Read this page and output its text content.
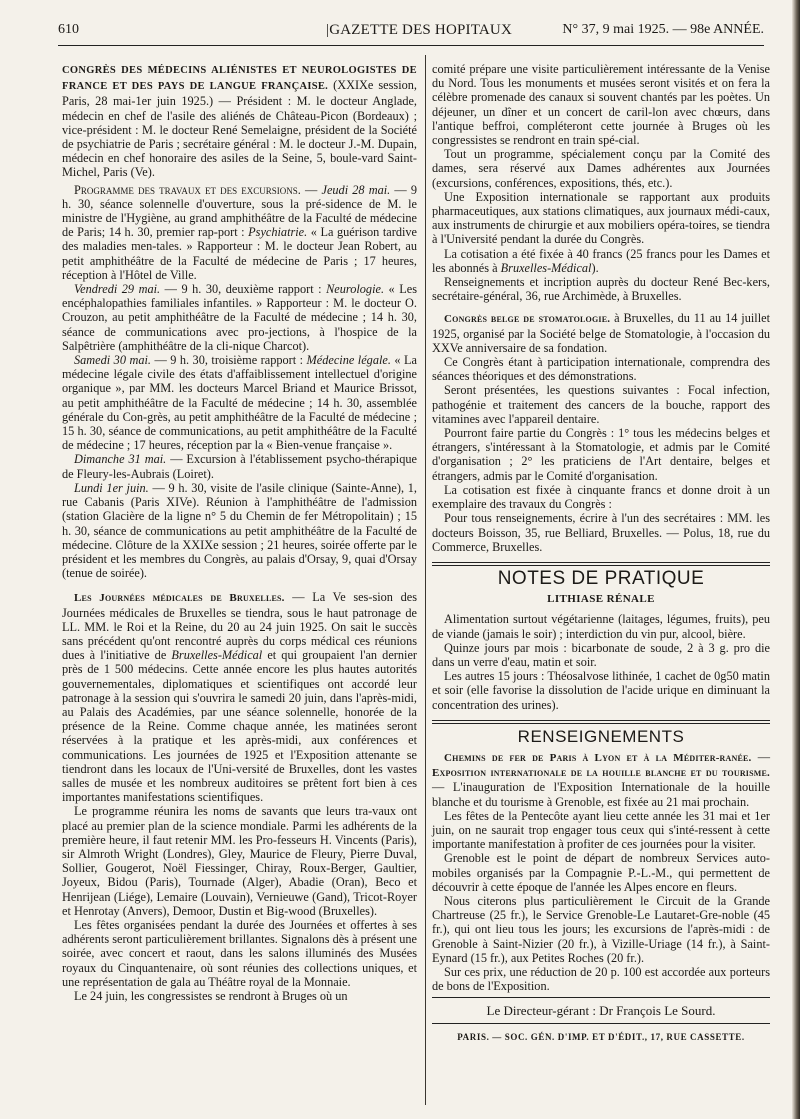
610	|GAZETTE DES HOPITAUX	N° 37, 9 mai 1925. — 98e ANNÉE.

CONGRÈS DES MÉDECINS ALIÉNISTES ET NEUROLOGISTES DE FRANCE ET DES PAYS DE LANGUE FRANÇAISE. (XXIXe session, Paris, 28 mai-1er juin 1925.) — Président : M. le docteur Anglade, médecin en chef de l'asile des aliénés de Château-Picon (Bordeaux) ; vice-président : M. le docteur René Semelaigne, président de la Société de psychiatrie de Paris ; secrétaire général : M. le docteur J.-M. Dupain, médecin en chef honoraire des asiles de la Seine, 5, boule-vard Saint-Michel, Paris (Ve).

Programme des travaux et des excursions. — Jeudi 28 mai. — 9 h. 30, séance solennelle d'ouverture, sous la pré-sidence de M. le ministre de l'Hygiène, au grand amphithéâtre de la Faculté de médecine de Paris; 14 h. 30, premier rap-port : Psychiatrie. « La guérison tardive des maladies men-tales. » Rapporteur : M. le docteur Jean Robert, au petit amphithéâtre de la Faculté de médecine de Paris ; 17 heures, réception à l'Hôtel de Ville.

Vendredi 29 mai. — 9 h. 30, deuxième rapport : Neurologie. « Les encéphalopathies familiales infantiles. » Rapporteur : M. le docteur O. Crouzon, au petit amphithéâtre de la Faculté de médecine ; 14 h. 30, séance de communications avec pro-jections, à l'hospice de la Salpêtrière (amphithéâtre de la cli-nique Charcot).

Samedi 30 mai. — 9 h. 30, troisième rapport : Médecine légale. « La médecine légale civile des états d'affaiblissement intellectuel d'origine organique », par MM. les docteurs Marcel Briand et Maurice Brissot, au petit amphithéâtre de la Faculté de médecine ; 14 h. 30, assemblée générale du Con-grès, au petit amphithéâtre de la Faculté de médecine ; 15 h. 30, séance de communications, au petit amphithéâtre de la Faculté de médecine ; 17 heures, réception par la « Bien-venue française ».

Dimanche 31 mai. — Excursion à l'établissement psycho-thérapique de Fleury-les-Aubrais (Loiret).

Lundi 1er juin. — 9 h. 30, visite de l'asile clinique (Sainte-Anne), 1, rue Cabanis (Paris XIVe). Réunion à l'amphithéâtre de l'admission (station Glacière de la ligne n° 5 du Chemin de fer Métropolitain) ; 15 h. 30, séance de communications au petit amphithéâtre de la Faculté de médecine. Clôture de la XXIXe session ; 21 heures, soirée offerte par le président et les membres du Congrès, au palais d'Orsay, 9, quai d'Orsay (tenue de soirée).

Les Journées médicales de Bruxelles. — La Ve ses-sion des Journées médicales de Bruxelles se tiendra, sous le haut patronage de LL. MM. le Roi et la Reine, du 20 au 24 juin 1925. On sait le succès sans précédent qu'ont rencontré auprès du corps médical ces réunions dues à l'initiative de Bruxelles-Médical et qui groupaient l'an dernier près de 1 500 médecins. Cette année encore les plus hautes autorités gouvernementales, diplomatiques et scientifiques ont accordé leur patronage à la session qui s'ouvrira le samedi 20 juin, dans l'après-midi, au Palais des Académies, par une séance solennelle, honorée de la présence de la Reine. Comme chaque année, les matinées seront réservées à la pratique et les après-midi, aux conférences et communications. Les journées de 1925 et l'Exposition attenante se tiendront dans les locaux de l'Uni-versité de Bruxelles, dont les vastes salles de musée et les nombreux auditoires se prêtent fort bien à ces importantes manifestations scientifiques.

Le programme réunira les noms de savants que leurs tra-vaux ont placé au premier plan de la science mondiale. Parmi les adhérents de la première heure, il faut retenir MM. les Pro-fesseurs H. Vincents (Paris), sir Almroth Wright (Londres), Gley, Maurice de Fleury, Pierre Duval, Sollier, Gougerot, Noël Fiessinger, Chiray, Roux-Berger, Gaultier, Joyeux, Bidou (Paris), Tournade (Alger), Abadie (Oran), Beco et Henrijean (Liége), Lemaire (Louvain), Vernieuwe (Gand), Tricot-Royer et Henrotay (Anvers), Demoor, Dustin et Big-wood (Bruxelles).

Les fêtes organisées pendant la durée des Journées et offertes à ses adhérents seront particulièrement brillantes. Signalons dès à présent une soirée, avec concert et raout, dans les salons illuminés des Musées royaux du Cinquantenaire, où sont réunies des collections uniques, et une représentation de gala au Théâtre royal de la Monnaie.

Le 24 juin, les congressistes se rendront à Bruges où un

comité prépare une visite particulièrement intéressante de la Venise du Nord. Tous les monuments et musées seront visités et on fera la célèbre promenade des canaux si souvent chantés par les poètes. Un déjeuner, un dîner et un concert de caril-lon avec chœurs, dans l'antique beffroi, compléteront cette journée à Bruges où les congressistes se rendront en train spé-cial.

Tout un programme, spécialement conçu par la Comité des dames, sera réservé aux Dames adhérentes aux Journées (excursions, conférences, expositions, thés, etc.).

Une Exposition internationale se rapportant aux produits pharmaceutiques, aux stations climatiques, aux journaux médi-caux, aux instruments de chirurgie et aux mobiliers opéra-toires, se tiendra à l'Université pendant la durée du Congrès.

La cotisation a été fixée à 40 francs (25 francs pour les Dames et les abonnés à Bruxelles-Médical).

Renseignements et incription auprès du docteur René Bec-kers, secrétaire-général, 36, rue Archimède, à Bruxelles.

Congrès belge de stomatologie. à Bruxelles, du 11 au 14 juillet 1925, organisé par la Société belge de Stomatologie, à l'occasion du XXVe anniversaire de sa fondation.

Ce Congrès étant à participation internationale, comprendra des séances théoriques et des démonstrations.

Seront présentées, les questions suivantes : Focal infection, pathogénie et traitement des cancers de la bouche, rapport des vitamines avec l'appareil dentaire.

Pourront faire partie du Congrès : 1° tous les médecins belges et étrangers, s'intéressant à la Stomatologie, et admis par le Comité d'organisation ; 2° les praticiens de l'Art dentaire, belges et étrangers, admis par le Comité d'organisation.

La cotisation est fixée à cinquante francs et donne droit à un exemplaire des travaux du Congrès :

Pour tous renseignements, écrire à l'un des secrétaires : MM. les docteurs Boisson, 35, rue Belliard, Bruxelles. — Polus, 18, rue du Commerce, Bruxelles.

NOTES DE PRATIQUE
LITHIASE RÉNALE

Alimentation surtout végétarienne (laitages, légumes, fruits), peu de viande (jamais le soir) ; interdiction du vin pur, alcool, bière.

Quinze jours par mois : bicarbonate de soude, 2 à 3 g. pro die dans un verre d'eau, matin et soir.

Les autres 15 jours : Théosalvose lithinée, 1 cachet de 0g50 matin et soir (elle favorise la dissolution de l'acide urique en diminuant la concentration des urines).

RENSEIGNEMENTS

Chemins de fer de Paris à Lyon et à la Méditer-ranée. — Exposition internationale de la houille blanche et du tourisme. — L'inauguration de l'Exposition Internationale de la houille blanche et du tourisme à Grenoble, est fixée au 21 mai prochain.

Les fêtes de la Pentecôte ayant lieu cette année les 31 mai et 1er juin, on ne saurait trop engager tous ceux qui s'inté-ressent à cette importante manifestation à profiter de ces journées pour la visiter.

Grenoble est le point de départ de nombreux Services auto-mobiles organisés par la Compagnie P.-L.-M., qui permettent de découvrir à cette époque de l'année les Alpes encore en fleurs.

Nous citerons plus particulièrement le Circuit de la Grande Chartreuse (25 fr.), le Service Grenoble-Le Lautaret-Gre-noble (45 fr.), qui ont lieu tous les jours; les excursions de l'après-midi : de Grenoble à Saint-Nizier (20 fr.), à Vizille-Uriage (14 fr.), à Saint-Eynard (15 fr.), aux Petites Roches (20 fr.).

Sur ces prix, une réduction de 20 p. 100 est accordée aux porteurs de bons de l'Exposition.

Le Directeur-gérant : Dr François Le Sourd.
PARIS. — SOC. GÉN. D'IMP. ET D'ÉDIT., 17, RUE CASSETTE.
